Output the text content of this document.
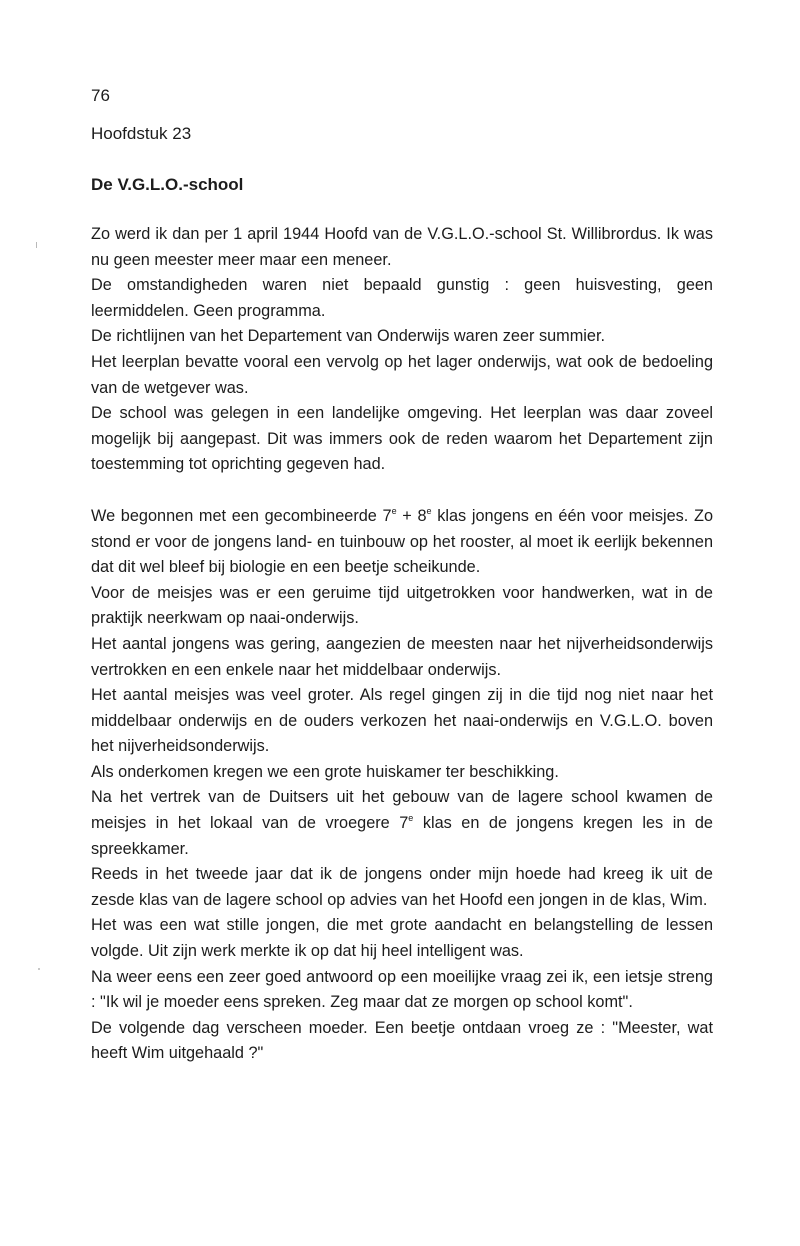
76
Hoofdstuk 23
De V.G.L.O.-school

Zo werd ik dan per 1 april 1944 Hoofd van de V.G.L.O.-school St. Willibrordus. Ik was nu geen meester meer maar een meneer.

De omstandigheden waren niet bepaald gunstig : geen huisvesting, geen leermiddelen. Geen programma.

De richtlijnen van het Departement van Onderwijs waren zeer summier.

Het leerplan bevatte vooral een vervolg op het lager onderwijs, wat ook de bedoeling van de wetgever was.

De school was gelegen in een landelijke omgeving. Het leerplan was daar zoveel mogelijk bij aangepast. Dit was immers ook de reden waarom het Departement zijn toestemming tot oprichting gegeven had.

We begonnen met een gecombineerde $7^e + 8^e$ klas jongens en één voor meisjes. Zo stond er voor de jongens land- en tuinbouw op het rooster, al moet ik eerlijk bekennen dat dit wel bleef bij biologie en een beetje scheikunde.

Voor de meisjes was er een geruime tijd uitgetrokken voor handwerken, wat in de praktijk neerkwam op naai-onderwijs.

Het aantal jongens was gering, aangezien de meesten naar het nijverheidsonderwijs vertrokken en een enkele naar het middelbaar onderwijs.

Het aantal meisjes was veel groter. Als regel gingen zij in die tijd nog niet naar het middelbaar onderwijs en de ouders verkozen het naai-onderwijs en V.G.L.O. boven het nijverheidsonderwijs.

Als onderkomen kregen we een grote huiskamer ter beschikking.

Na het vertrek van de Duitsers uit het gebouw van de lagere school kwamen de meisjes in het lokaal van de vroegere 7e klas en de jongens kregen les in de spreekkamer.

Reeds in het tweede jaar dat ik de jongens onder mijn hoede had kreeg ik uit de zesde klas van de lagere school op advies van het Hoofd een jongen in de klas, Wim.

Het was een wat stille jongen, die met grote aandacht en belangstelling de lessen volgde. Uit zijn werk merkte ik op dat hij heel intelligent was.

Na weer eens een zeer goed antwoord op een moeilijke vraag zei ik, een ietsje streng : "Ik wil je moeder eens spreken. Zeg maar dat ze morgen op school komt".

De volgende dag verscheen moeder. Een beetje ontdaan vroeg ze : "Meester, wat heeft Wim uitgehaald ?"
